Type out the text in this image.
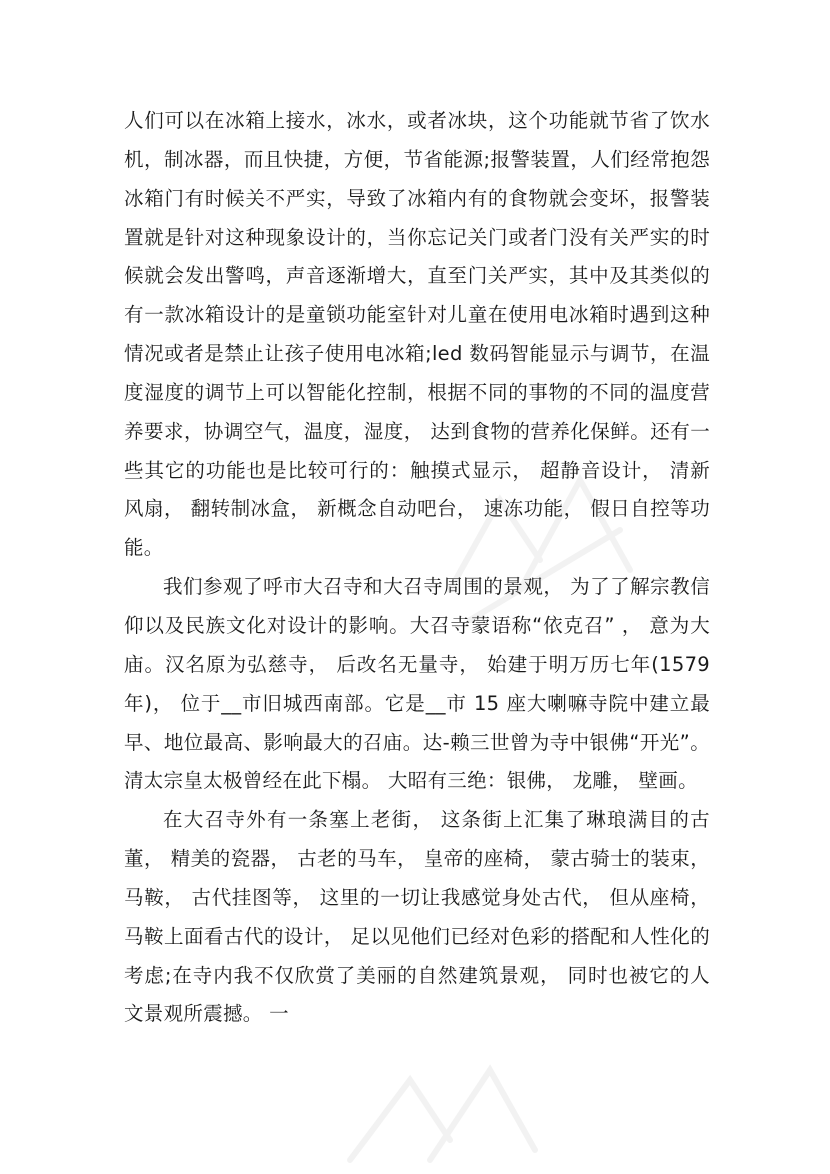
人们可以在冰箱上接水，冰水，或者冰块，这个功能就节省了饮水机，制冰器，而且快捷，方便，节省能源;报警装置，人们经常抱怨冰箱门有时候关不严实，导致了冰箱内有的食物就会变坏，报警装置就是针对这种现象设计的，当你忘记关门或者门没有关严实的时候就会发出警鸣，声音逐渐增大，直至门关严实，其中及其类似的有一款冰箱设计的是童锁功能室针对儿童在使用电冰箱时遇到这种情况或者是禁止让孩子使用电冰箱;led 数码智能显示与调节，在温度湿度的调节上可以智能化控制，根据不同的事物的不同的温度营养要求，协调空气，温度，湿度， 达到食物的营养化保鲜。还有一些其它的功能也是比较可行的：触摸式显示， 超静音设计， 清新风扇， 翻转制冰盒， 新概念自动吧台， 速冻功能， 假日自控等功能。

我们参观了呼市大召寺和大召寺周围的景观， 为了了解宗教信仰以及民族文化对设计的影响。大召寺蒙语称“依克召” ， 意为大庙。汉名原为弘慈寺， 后改名无量寺， 始建于明万历七年(1579 年)， 位于__市旧城西南部。它是__市 15 座大喇嘛寺院中建立最早、地位最高、影响最大的召庙。达-赖三世曾为寺中银佛“开光”。清太宗皇太极曾经在此下榻。 大昭有三绝：银佛， 龙雕， 壁画。

在大召寺外有一条塞上老街， 这条街上汇集了琳琅满目的古董， 精美的瓷器， 古老的马车， 皇帝的座椅， 蒙古骑士的装束， 马鞍， 古代挂图等， 这里的一切让我感觉身处古代， 但从座椅， 马鞍上面看古代的设计， 足以见他们已经对色彩的搭配和人性化的考虑;在寺内我不仅欣赏了美丽的自然建筑景观， 同时也被它的人文景观所震撼。 一
